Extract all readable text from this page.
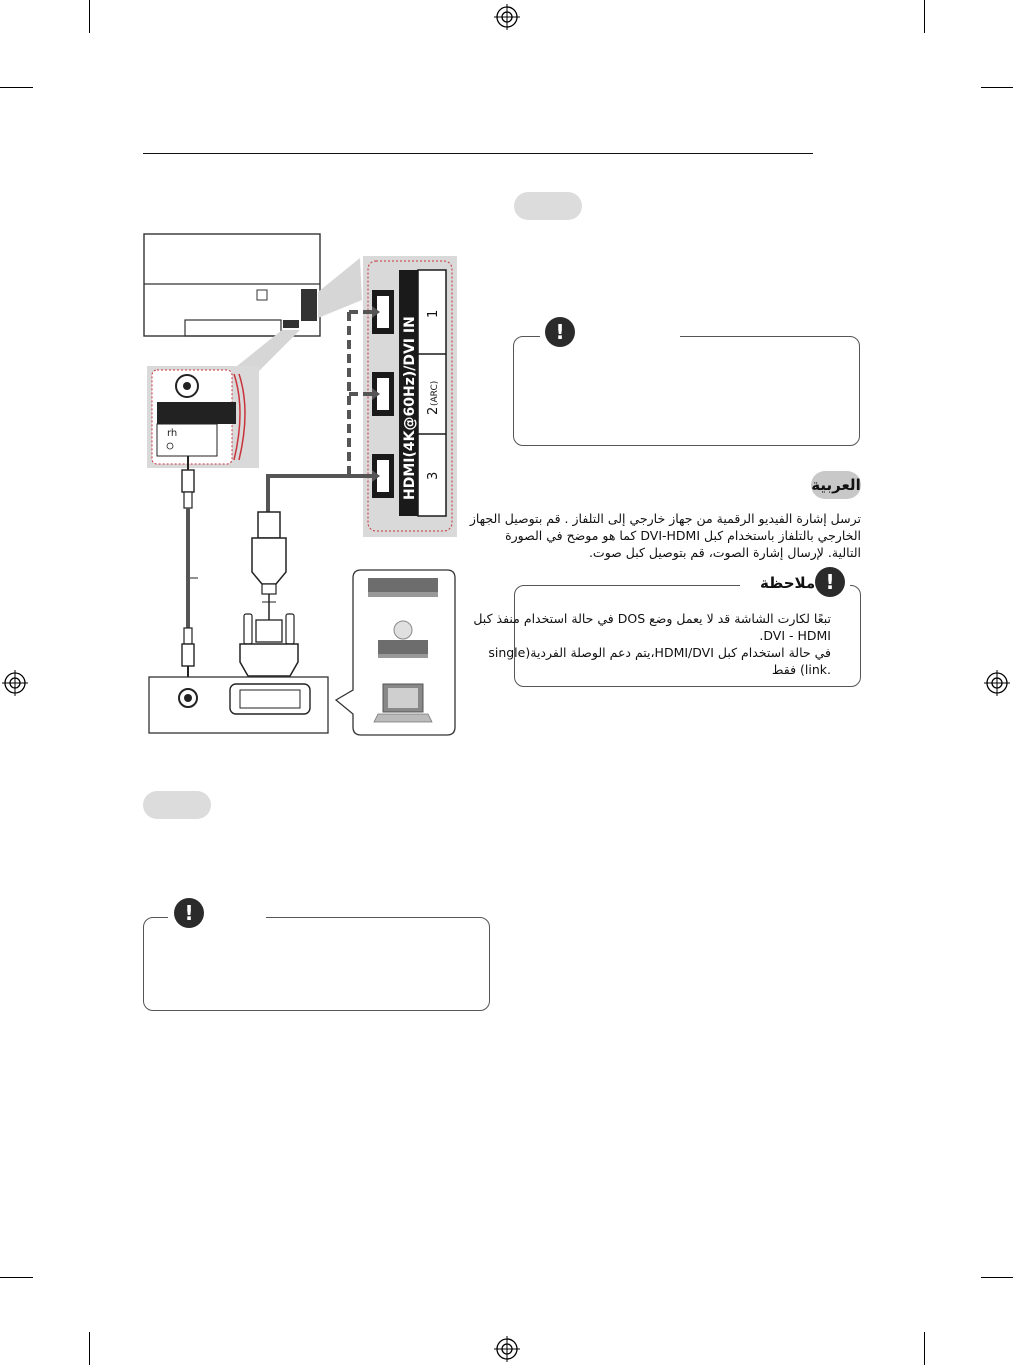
rh	HDMI(4K@60Hz)/DVI IN
1
2
(ARC)
3
!
!
العربية
ترسل إشارة الفيديو الرقمية من جهاز خارجي إلى التلفاز . قم بتوصيل الجهاز
الخارجي بالتلفاز باستخدام كبل DVI-HDMI كما هو موضح في الصورة
التالية. لإرسال إشارة الصوت، قم بتوصيل كبل صوت.
!
ملاحظة
تبعًا لكارت الشاشة قد لا يعمل وضع DOS في حالة استخدام منفذ كبل
.DVI - HDMI
في حالة استخدام كبل HDMI/DVI،يتم دعم الوصلة الفردية(single
.link) فقط
